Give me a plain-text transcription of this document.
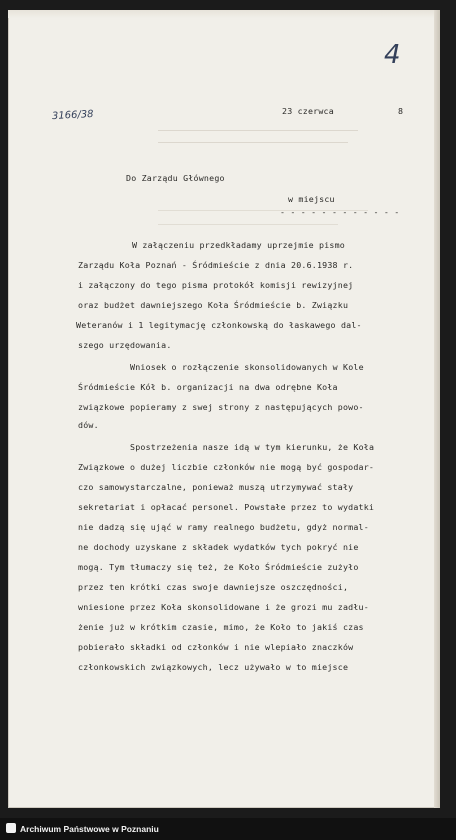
4
3166/38	23 czerwca	8
Do Zarządu Głównego
w miejscu
- - - - - - - - - - - -
W załączeniu przedkładamy uprzejmie pismo
Zarządu Koła Poznań - Śródmieście z dnia 20.6.1938 r.
i załączony do tego pisma protokół komisji rewizyjnej
oraz budżet dawniejszego Koła Śródmieście b. Związku
Weteranów i 1 legitymację członkowską do łaskawego dal-
szego urzędowania.
Wniosek o rozłączenie skonsolidowanych w Kole
Śródmieście Kół b. organizacji na dwa odrębne Koła
związkowe popieramy z swej strony z następujących powo-
dów.
Spostrzeżenia nasze idą w tym kierunku, że Koła
Związkowe o dużej liczbie członków nie mogą być gospodar-
czo samowystarczalne, ponieważ muszą utrzymywać stały
sekretariat i opłacać personel. Powstałe przez to wydatki
nie dadzą się ująć w ramy realnego budżetu, gdyż normal-
ne dochody uzyskane z składek wydatków tych pokryć nie
mogą. Tym tłumaczy się też, że Koło Śródmieście zużyło
przez ten krótki czas swoje dawniejsze oszczędności,
wniesione przez Koła skonsolidowane i że grozi mu zadłu-
żenie już w krótkim czasie, mimo, że Koło to jakiś czas
pobierało składki od członków i nie wlepiało znaczków
członkowskich związkowych, lecz używało w to miejsce
Archiwum Państwowe w Poznaniu
